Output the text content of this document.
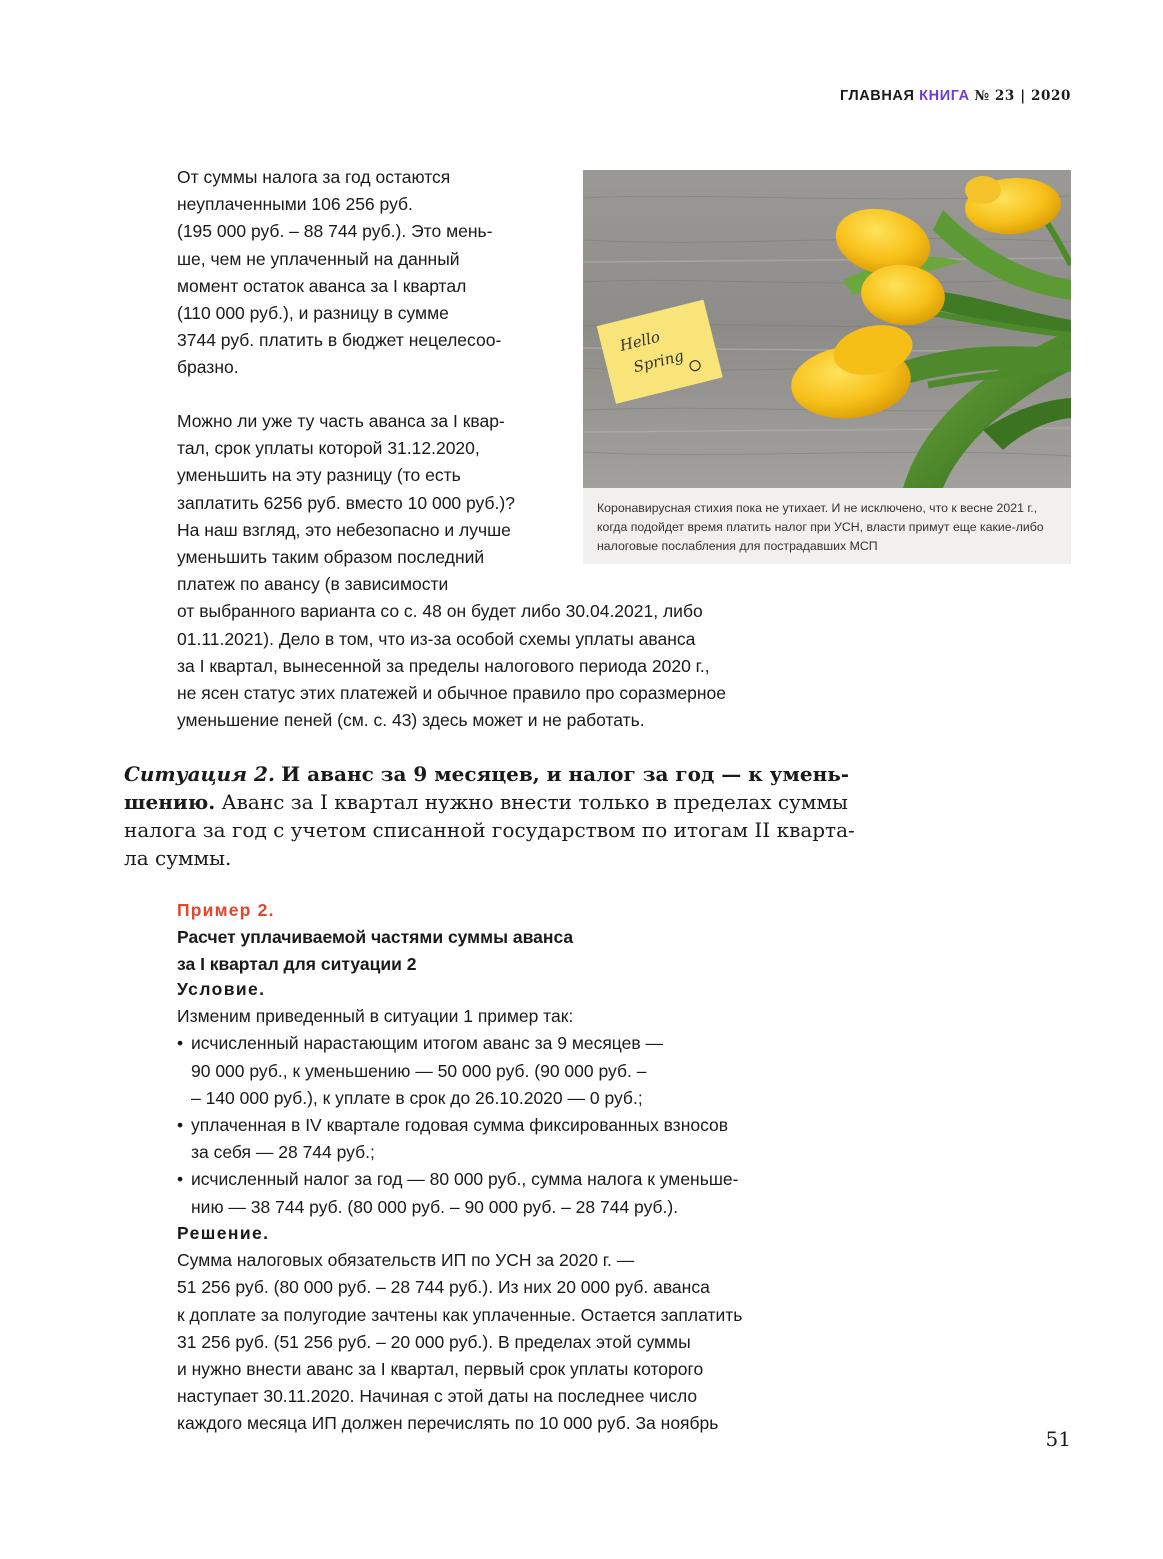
ГЛАВНАЯ КНИГА № 23 | 2020
От суммы налога за год остаются
неуплаченными 106 256 руб.
(195 000 руб. – 88 744 руб.). Это мень-
ше, чем не уплаченный на данный
момент остаток аванса за I квартал
(110 000 руб.), и разницу в сумме
3744 руб. платить в бюджет нецелесоо-
бразно.
Можно ли уже ту часть аванса за I квар-
тал, срок уплаты которой 31.12.2020,
уменьшить на эту разницу (то есть
заплатить 6256 руб. вместо 10 000 руб.)?
На наш взгляд, это небезопасно и лучше
уменьшить таким образом последний
платеж по авансу (в зависимости
от выбранного варианта со с. 48 он будет либо 30.04.2021, либо
01.11.2021). Дело в том, что из-за особой схемы уплаты аванса
за I квартал, вынесенной за пределы налогового периода 2020 г.,
не ясен статус этих платежей и обычное правило про соразмерное
уменьшение пеней (см. с. 43) здесь может и не работать.
Hello
Spring
Коронавирусная стихия пока не утихает. И не исключено, что к весне 2021 г.,
когда подойдет время платить налог при УСН, власти примут еще какие-либо
налоговые послабления для пострадавших МСП
Ситуация 2. И аванс за 9 месяцев, и налог за год — к умень-
шению. Аванс за I квартал нужно внести только в пределах суммы
налога за год с учетом списанной государством по итогам II кварта-
ла суммы.
Пример 2.
Расчет уплачиваемой частями суммы аванса
за I квартал для ситуации 2
Условие.
Изменим приведенный в ситуации 1 пример так:
• исчисленный нарастающим итогом аванс за 9 месяцев —
90 000 руб., к уменьшению — 50 000 руб. (90 000 руб. –
– 140 000 руб.), к уплате в срок до 26.10.2020 — 0 руб.;
• уплаченная в IV квартале годовая сумма фиксированных взносов
за себя — 28 744 руб.;
• исчисленный налог за год — 80 000 руб., сумма налога к уменьше-
нию — 38 744 руб. (80 000 руб. – 90 000 руб. – 28 744 руб.).
Решение.
Сумма налоговых обязательств ИП по УСН за 2020 г. —
51 256 руб. (80 000 руб. – 28 744 руб.). Из них 20 000 руб. аванса
к доплате за полугодие зачтены как уплаченные. Остается заплатить
31 256 руб. (51 256 руб. – 20 000 руб.). В пределах этой суммы
и нужно внести аванс за I квартал, первый срок уплаты которого
наступает 30.11.2020. Начиная с этой даты на последнее число
каждого месяца ИП должен перечислять по 10 000 руб. За ноябрь
51
